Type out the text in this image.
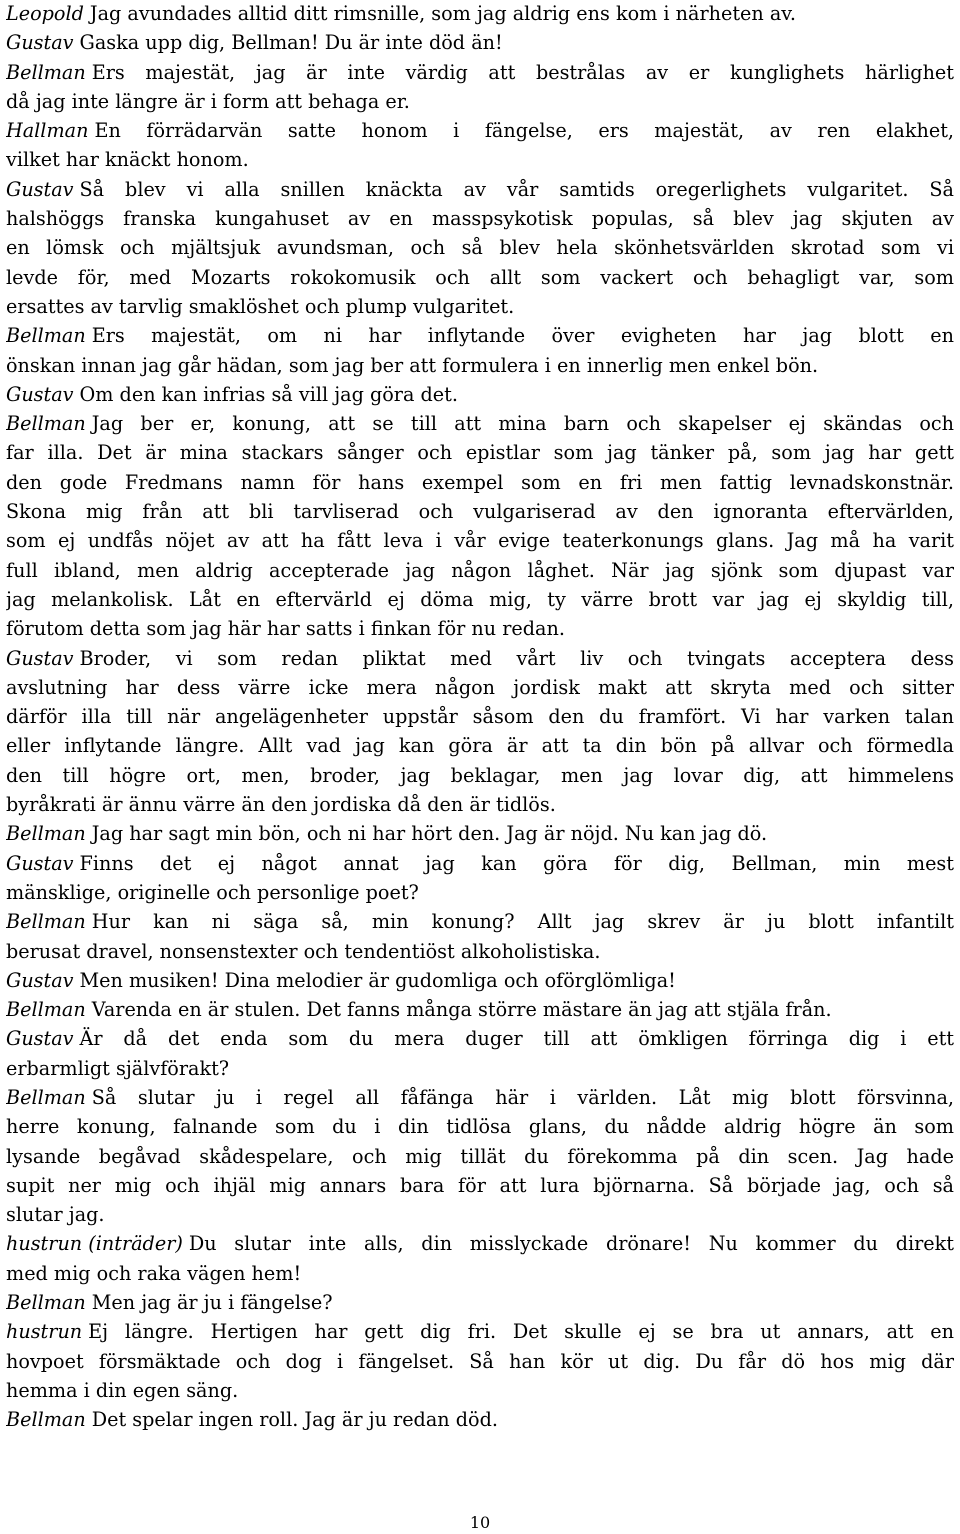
Leopold Jag avundades alltid ditt rimsnille, som jag aldrig ens kom i närheten av.
Gustav Gaska upp dig, Bellman! Du är inte död än!
Bellman Ers majestät, jag är inte värdig att bestrålas av er kunglighets härlighet
då jag inte längre är i form att behaga er.
Hallman En förrädarvän satte honom i fängelse, ers majestät, av ren elakhet,
vilket har knäckt honom.
Gustav Så blev vi alla snillen knäckta av vår samtids oregerlighets vulgaritet. Så
halshöggs franska kungahuset av en masspsykotisk populas, så blev jag skjuten av
en lömsk och mjältsjuk avundsman, och så blev hela skönhetsvärlden skrotad som vi
levde för, med Mozarts rokokomusik och allt som vackert och behagligt var, som
ersattes av tarvlig smaklöshet och plump vulgaritet.
Bellman Ers majestät, om ni har inflytande över evigheten har jag blott en
önskan innan jag går hädan, som jag ber att formulera i en innerlig men enkel bön.
Gustav Om den kan infrias så vill jag göra det.
Bellman Jag ber er, konung, att se till att mina barn och skapelser ej skändas och
far illa. Det är mina stackars sånger och epistlar som jag tänker på, som jag har gett
den gode Fredmans namn för hans exempel som en fri men fattig levnadskonstnär.
Skona mig från att bli tarvliserad och vulgariserad av den ignoranta eftervärlden,
som ej undfås nöjet av att ha fått leva i vår evige teaterkonungs glans. Jag må ha varit
full ibland, men aldrig accepterade jag någon låghet. När jag sjönk som djupast var
jag melankolisk. Låt en eftervärld ej döma mig, ty värre brott var jag ej skyldig till,
förutom detta som jag här har satts i finkan för nu redan.
Gustav Broder, vi som redan pliktat med vårt liv och tvingats acceptera dess
avslutning har dess värre icke mera någon jordisk makt att skryta med och sitter
därför illa till när angelägenheter uppstår såsom den du framfört. Vi har varken talan
eller inflytande längre. Allt vad jag kan göra är att ta din bön på allvar och förmedla
den till högre ort, men, broder, jag beklagar, men jag lovar dig, att himmelens
byråkrati är ännu värre än den jordiska då den är tidlös.
Bellman Jag har sagt min bön, och ni har hört den. Jag är nöjd. Nu kan jag dö.
Gustav Finns det ej något annat jag kan göra för dig, Bellman, min mest
mänsklige, originelle och personlige poet?
Bellman Hur kan ni säga så, min konung? Allt jag skrev är ju blott infantilt
berusat dravel, nonsenstexter och tendentiöst alkoholistiska.
Gustav Men musiken! Dina melodier är gudomliga och oförglömliga!
Bellman Varenda en är stulen. Det fanns många större mästare än jag att stjäla från.
Gustav Är då det enda som du mera duger till att ömkligen förringa dig i ett
erbarmligt självförakt?
Bellman Så slutar ju i regel all fåfänga här i världen. Låt mig blott försvinna,
herre konung, falnande som du i din tidlösa glans, du nådde aldrig högre än som
lysande begåvad skådespelare, och mig tillät du förekomma på din scen. Jag hade
supit ner mig och ihjäl mig annars bara för att lura björnarna. Så började jag, och så
slutar jag.
hustrun (inträder) Du slutar inte alls, din misslyckade drönare! Nu kommer du direkt
med mig och raka vägen hem!
Bellman Men jag är ju i fängelse?
hustrun Ej längre. Hertigen har gett dig fri. Det skulle ej se bra ut annars, att en
hovpoet försmäktade och dog i fängelset. Så han kör ut dig. Du får dö hos mig där
hemma i din egen säng.
Bellman Det spelar ingen roll. Jag är ju redan död.
10
